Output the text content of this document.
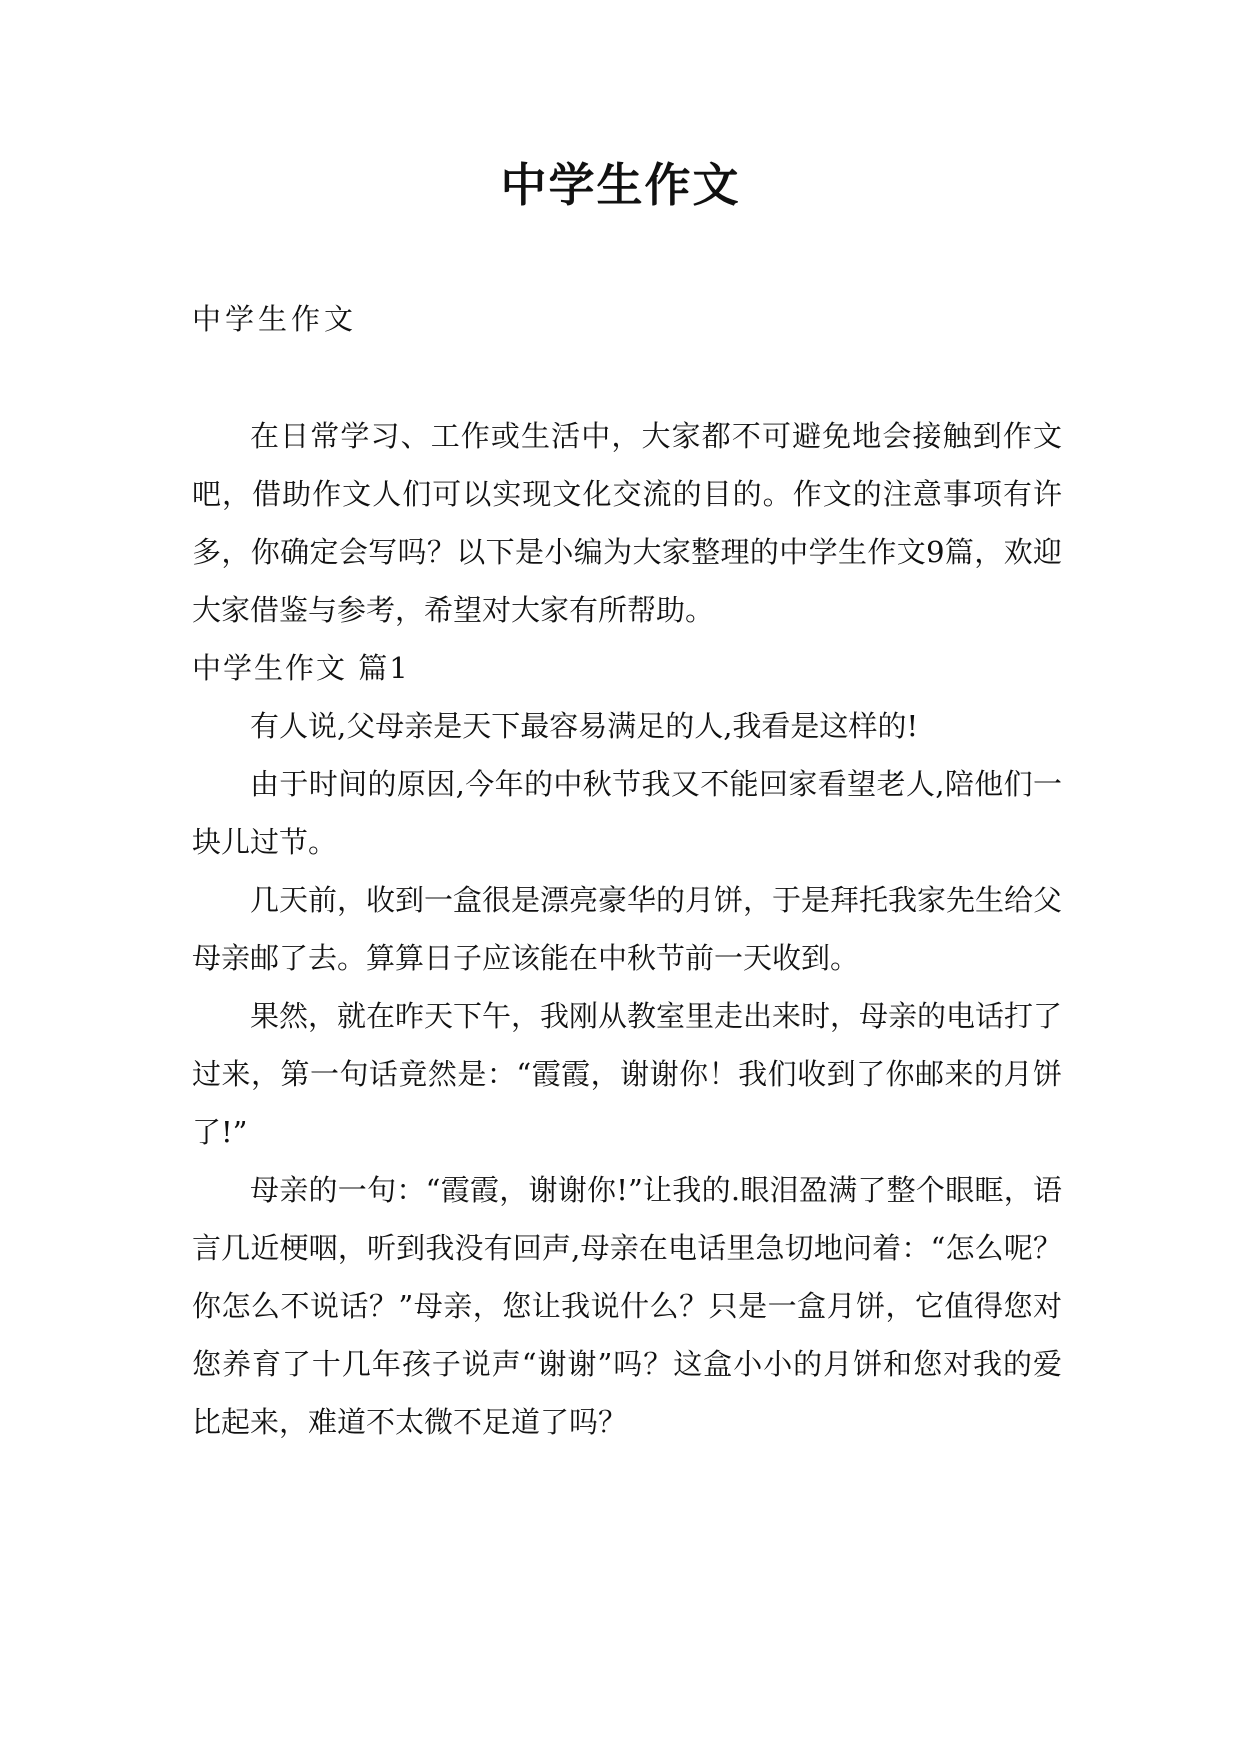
中学生作文

中学生作文

在日常学习、工作或生活中，大家都不可避免地会接触到作文吧，借助作文人们可以实现文化交流的目的。作文的注意事项有许多，你确定会写吗？以下是小编为大家整理的中学生作文9篇，欢迎大家借鉴与参考，希望对大家有所帮助。

中学生作文 篇1

有人说,父母亲是天下最容易满足的人,我看是这样的!

由于时间的原因,今年的中秋节我又不能回家看望老人,陪他们一块儿过节。

几天前，收到一盒很是漂亮豪华的月饼，于是拜托我家先生给父母亲邮了去。算算日子应该能在中秋节前一天收到。

果然，就在昨天下午，我刚从教室里走出来时，母亲的电话打了过来，第一句话竟然是：“霞霞，谢谢你！我们收到了你邮来的月饼了!”

母亲的一句：“霞霞，谢谢你!”让我的.眼泪盈满了整个眼眶，语言几近梗咽，听到我没有回声,母亲在电话里急切地问着：“怎么呢？你怎么不说话？”母亲，您让我说什么？只是一盒月饼，它值得您对您养育了十几年孩子说声“谢谢”吗？这盒小小的月饼和您对我的爱比起来，难道不太微不足道了吗？
